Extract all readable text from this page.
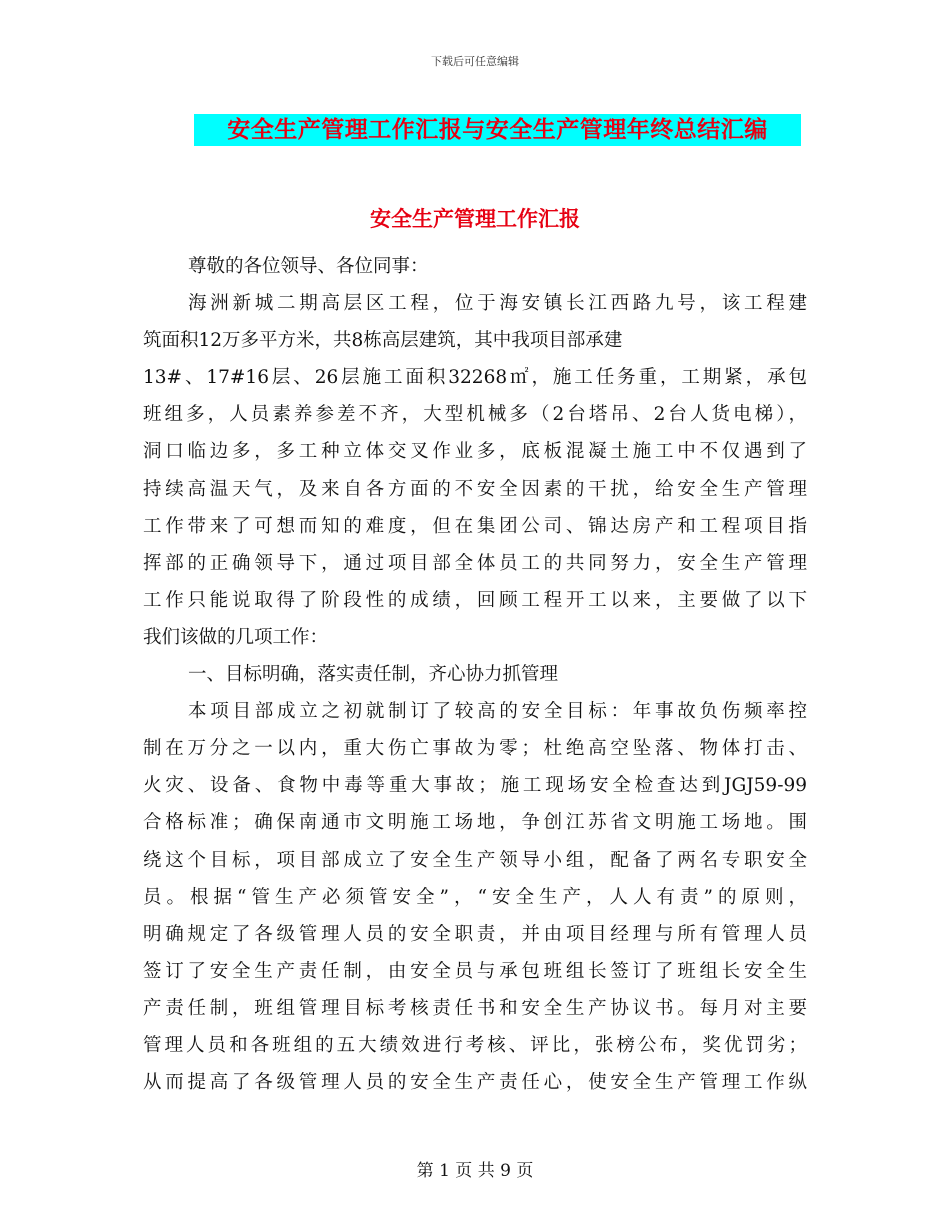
下载后可任意编辑
安全生产管理工作汇报与安全生产管理年终总结汇编
安全生产管理工作汇报
尊敬的各位领导、各位同事：
海洲新城二期高层区工程，位于海安镇长江西路九号，该工程建
筑面积12万多平方米，共8栋高层建筑，其中我项目部承建
13#、17#16层、26层施工面积32268㎡，施工任务重，工期紧，承包
班组多，人员素养参差不齐，大型机械多（2台塔吊、2台人货电梯），
洞口临边多，多工种立体交叉作业多，底板混凝土施工中不仅遇到了
持续高温天气，及来自各方面的不安全因素的干扰，给安全生产管理
工作带来了可想而知的难度，但在集团公司、锦达房产和工程项目指
挥部的正确领导下，通过项目部全体员工的共同努力，安全生产管理
工作只能说取得了阶段性的成绩，回顾工程开工以来，主要做了以下
我们该做的几项工作：
一、目标明确，落实责任制，齐心协力抓管理
本项目部成立之初就制订了较高的安全目标：年事故负伤频率控
制在万分之一以内，重大伤亡事故为零；杜绝高空坠落、物体打击、
火灾、设备、食物中毒等重大事故；施工现场安全检查达到JGJ59-99
合格标准；确保南通市文明施工场地，争创江苏省文明施工场地。围
绕这个目标，项目部成立了安全生产领导小组，配备了两名专职安全
员。根据“管生产必须管安全”，“安全生产，人人有责”的原则，
明确规定了各级管理人员的安全职责，并由项目经理与所有管理人员
签订了安全生产责任制，由安全员与承包班组长签订了班组长安全生
产责任制，班组管理目标考核责任书和安全生产协议书。每月对主要
管理人员和各班组的五大绩效进行考核、评比，张榜公布，奖优罚劣；
从而提高了各级管理人员的安全生产责任心，使安全生产管理工作纵
第 1 页 共 9 页
